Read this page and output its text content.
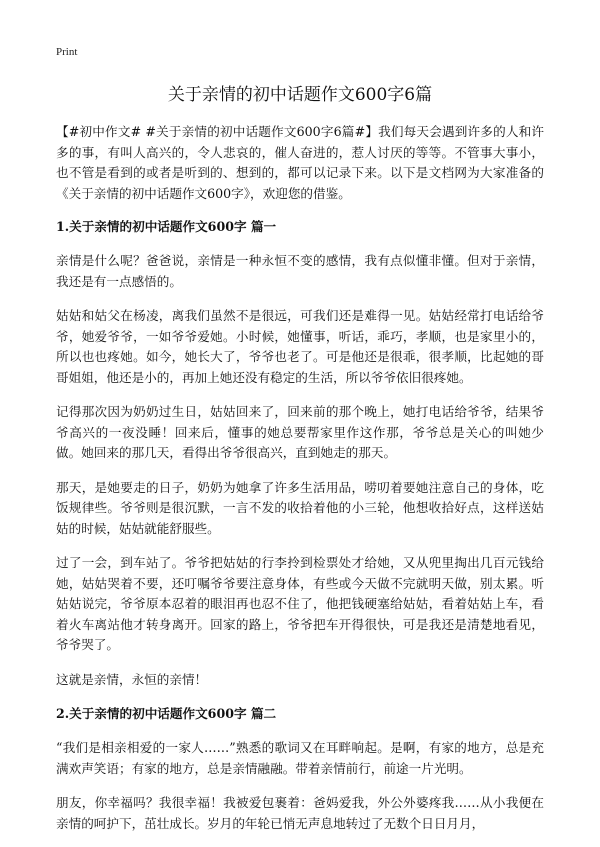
Print
关于亲情的初中话题作文600字6篇

【#初中作文# #关于亲情的初中话题作文600字6篇#】我们每天会遇到许多的人和许多的事，有叫人高兴的，令人悲哀的，催人奋进的，惹人讨厌的等等。不管事大事小，也不管是看到的或者是听到的、想到的，都可以记录下来。以下是文档网为大家准备的《关于亲情的初中话题作文600字》，欢迎您的借鉴。

1.关于亲情的初中话题作文600字 篇一

亲情是什么呢？爸爸说，亲情是一种永恒不变的感情，我有点似懂非懂。但对于亲情，我还是有一点感悟的。

姑姑和姑父在杨凌，离我们虽然不是很远，可我们还是难得一见。姑姑经常打电话给爷爷，她爱爷爷，一如爷爷爱她。小时候，她懂事，听话，乖巧，孝顺，也是家里小的，所以也也疼她。如今，她长大了，爷爷也老了。可是他还是很乖，很孝顺，比起她的哥哥姐姐，他还是小的，再加上她还没有稳定的生活，所以爷爷依旧很疼她。

记得那次因为奶奶过生日，姑姑回来了，回来前的那个晚上，她打电话给爷爷，结果爷爷高兴的一夜没睡！回来后，懂事的她总要帮家里作这作那，爷爷总是关心的叫她少做。她回来的那几天，看得出爷爷很高兴，直到她走的那天。

那天，是她要走的日子，奶奶为她拿了许多生活用品，唠叨着要她注意自己的身体，吃饭规律些。爷爷则是很沉默，一言不发的收拾着他的小三轮，他想收拾好点，这样送姑姑的时候，姑姑就能舒服些。

过了一会，到车站了。爷爷把姑姑的行李拎到检票处才给她，又从兜里掏出几百元钱给她，姑姑哭着不要，还叮嘱爷爷要注意身体，有些或今天做不完就明天做，别太累。听姑姑说完，爷爷原本忍着的眼泪再也忍不住了，他把钱硬塞给姑姑，看着姑姑上车，看着火车离站他才转身离开。回家的路上，爷爷把车开得很快，可是我还是清楚地看见，爷爷哭了。

这就是亲情，永恒的亲情！

2.关于亲情的初中话题作文600字 篇二

“我们是相亲相爱的一家人……”熟悉的歌词又在耳畔响起。是啊，有家的地方，总是充满欢声笑语；有家的地方，总是亲情融融。带着亲情前行，前途一片光明。

朋友，你幸福吗？我很幸福！我被爱包裹着：爸妈爱我，外公外婆疼我……从小我便在亲情的呵护下，茁壮成长。岁月的年轮已悄无声息地转过了无数个日日月月，
